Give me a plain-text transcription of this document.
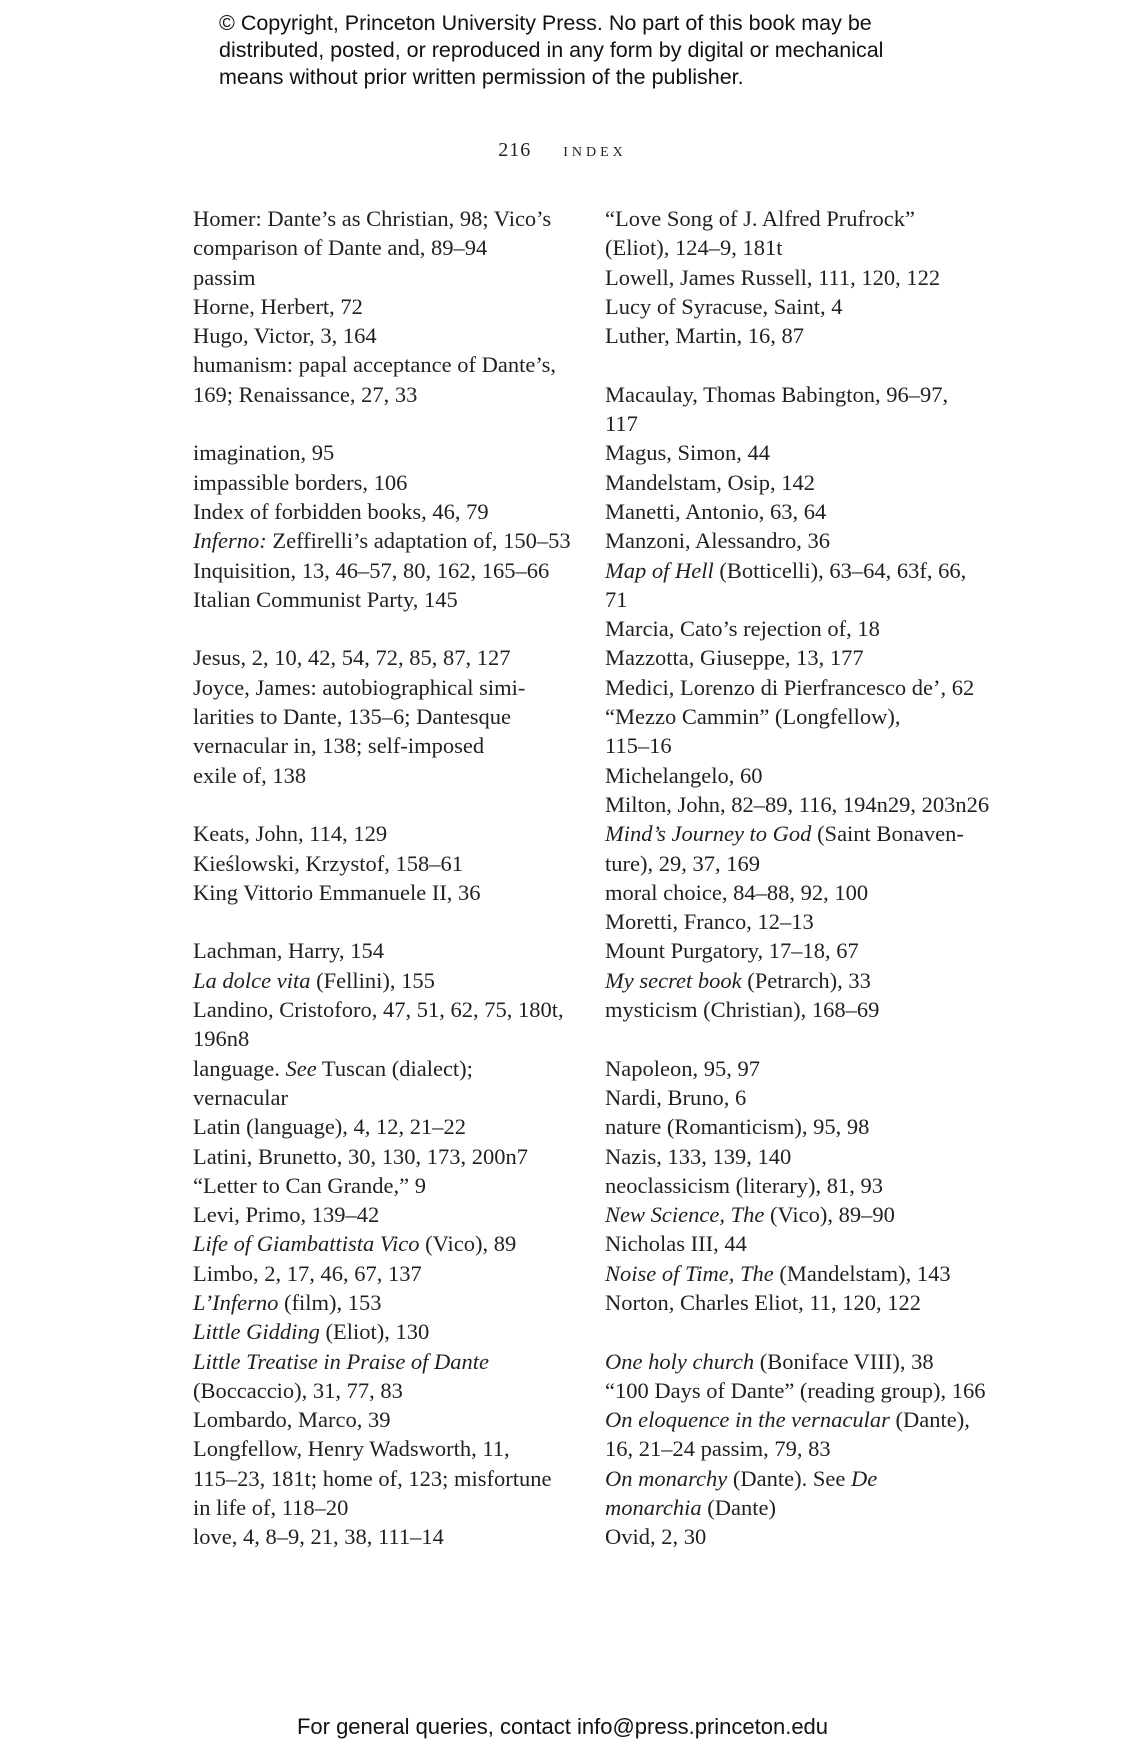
© Copyright, Princeton University Press. No part of this book may be
distributed, posted, or reproduced in any form by digital or mechanical
means without prior written permission of the publisher.
216 index
Homer: Dante’s as Christian, 98; Vico’s
comparison of Dante and, 89–94
passim
Horne, Herbert, 72
Hugo, Victor, 3, 164
humanism: papal acceptance of Dante’s,
169; Renaissance, 27, 33
imagination, 95
impassible borders, 106
Index of forbidden books, 46, 79
Inferno: Zeffirelli’s adaptation of, 150–53
Inquisition, 13, 46–57, 80, 162, 165–66
Italian Communist Party, 145
Jesus, 2, 10, 42, 54, 72, 85, 87, 127
Joyce, James: autobiographical simi-
larities to Dante, 135–6; Dantesque
vernacular in, 138; self-imposed
exile of, 138
Keats, John, 114, 129
Kieślowski, Krzystof, 158–61
King Vittorio Emmanuele II, 36
Lachman, Harry, 154
La dolce vita (Fellini), 155
Landino, Cristoforo, 47, 51, 62, 75, 180t,
196n8
language. See Tuscan (dialect);
vernacular
Latin (language), 4, 12, 21–22
Latini, Brunetto, 30, 130, 173, 200n7
“Letter to Can Grande,” 9
Levi, Primo, 139–42
Life of Giambattista Vico (Vico), 89
Limbo, 2, 17, 46, 67, 137
L’Inferno (film), 153
Little Gidding (Eliot), 130
Little Treatise in Praise of Dante
(Boccaccio), 31, 77, 83
Lombardo, Marco, 39
Longfellow, Henry Wadsworth, 11,
115–23, 181t; home of, 123; misfortune
in life of, 118–20
love, 4, 8–9, 21, 38, 111–14
“Love Song of J. Alfred Prufrock”
(Eliot), 124–9, 181t
Lowell, James Russell, 111, 120, 122
Lucy of Syracuse, Saint, 4
Luther, Martin, 16, 87
Macaulay, Thomas Babington, 96–97,
117
Magus, Simon, 44
Mandelstam, Osip, 142
Manetti, Antonio, 63, 64
Manzoni, Alessandro, 36
Map of Hell (Botticelli), 63–64, 63f, 66,
71
Marcia, Cato’s rejection of, 18
Mazzotta, Giuseppe, 13, 177
Medici, Lorenzo di Pierfrancesco de’, 62
“Mezzo Cammin” (Longfellow),
115–16
Michelangelo, 60
Milton, John, 82–89, 116, 194n29, 203n26
Mind’s Journey to God (Saint Bonaven-
ture), 29, 37, 169
moral choice, 84–88, 92, 100
Moretti, Franco, 12–13
Mount Purgatory, 17–18, 67
My secret book (Petrarch), 33
mysticism (Christian), 168–69
Napoleon, 95, 97
Nardi, Bruno, 6
nature (Romanticism), 95, 98
Nazis, 133, 139, 140
neoclassicism (literary), 81, 93
New Science, The (Vico), 89–90
Nicholas III, 44
Noise of Time, The (Mandelstam), 143
Norton, Charles Eliot, 11, 120, 122
One holy church (Boniface VIII), 38
“100 Days of Dante” (reading group), 166
On eloquence in the vernacular (Dante),
16, 21–24 passim, 79, 83
On monarchy (Dante). See De
monarchia (Dante)
Ovid, 2, 30
For general queries, contact info@press.princeton.edu
